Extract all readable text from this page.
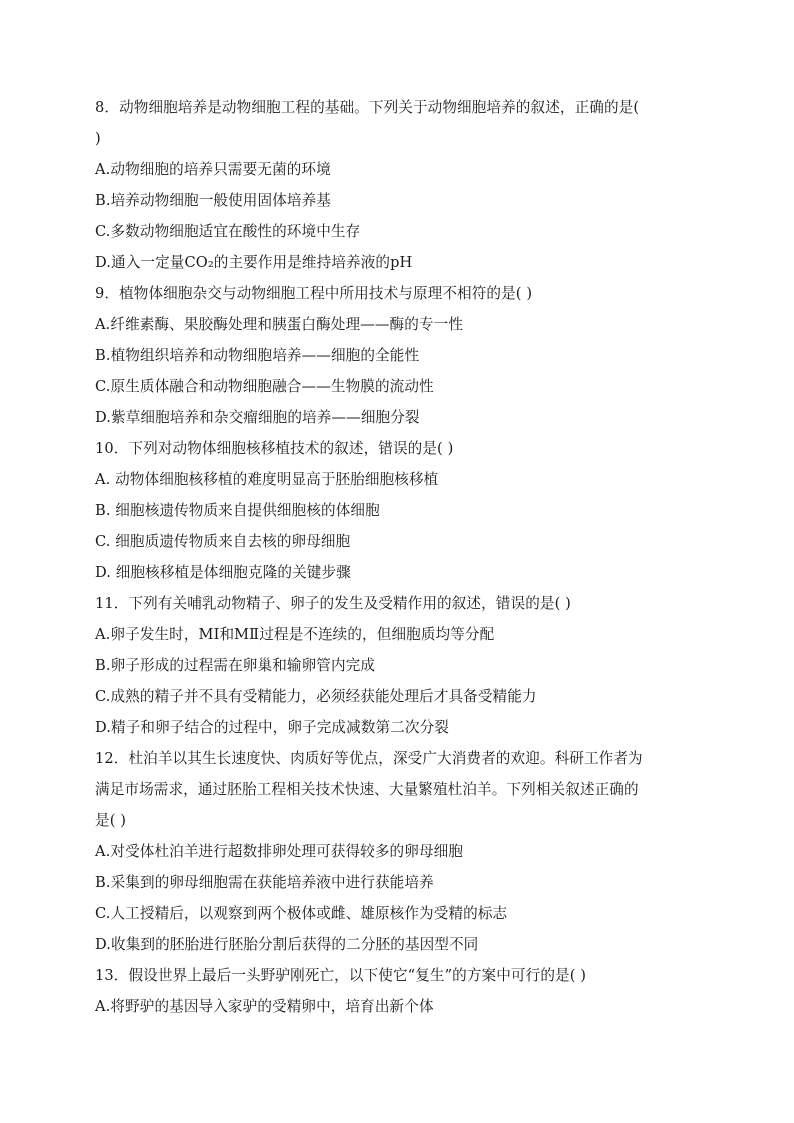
8．动物细胞培养是动物细胞工程的基础。下列关于动物细胞培养的叙述，正确的是(
)
A.动物细胞的培养只需要无菌的环境
B.培养动物细胞一般使用固体培养基
C.多数动物细胞适宜在酸性的环境中生存
D.通入一定量CO₂的主要作用是维持培养液的pH
9．植物体细胞杂交与动物细胞工程中所用技术与原理不相符的是( )
A.纤维素酶、果胶酶处理和胰蛋白酶处理——酶的专一性
B.植物组织培养和动物细胞培养——细胞的全能性
C.原生质体融合和动物细胞融合——生物膜的流动性
D.紫草细胞培养和杂交瘤细胞的培养——细胞分裂
10．下列对动物体细胞核移植技术的叙述，错误的是( )
A. 动物体细胞核移植的难度明显高于胚胎细胞核移植
B. 细胞核遗传物质来自提供细胞核的体细胞
C. 细胞质遗传物质来自去核的卵母细胞
D. 细胞核移植是体细胞克隆的关键步骤
11．下列有关哺乳动物精子、卵子的发生及受精作用的叙述，错误的是( )
A.卵子发生时，MⅠ和MⅡ过程是不连续的，但细胞质均等分配
B.卵子形成的过程需在卵巢和输卵管内完成
C.成熟的精子并不具有受精能力，必须经获能处理后才具备受精能力
D.精子和卵子结合的过程中，卵子完成减数第二次分裂
12．杜泊羊以其生长速度快、肉质好等优点，深受广大消费者的欢迎。科研工作者为
满足市场需求，通过胚胎工程相关技术快速、大量繁殖杜泊羊。下列相关叙述正确的
是( )
A.对受体杜泊羊进行超数排卵处理可获得较多的卵母细胞
B.采集到的卵母细胞需在获能培养液中进行获能培养
C.人工授精后，以观察到两个极体或雌、雄原核作为受精的标志
D.收集到的胚胎进行胚胎分割后获得的二分胚的基因型不同
13．假设世界上最后一头野驴刚死亡，以下使它“复生”的方案中可行的是( )
A.将野驴的基因导入家驴的受精卵中，培育出新个体
